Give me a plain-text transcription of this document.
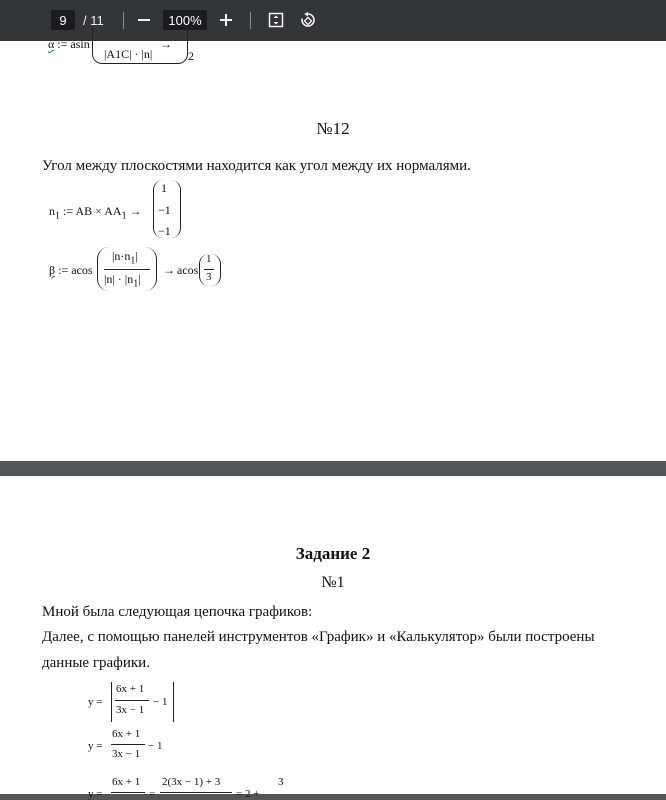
9	/ 11	100%
α := asin
|A1C| · |n|
→
2
№12
Угол между плоскостями находится как угол между их нормалями.
$n_1$ := AB × $AA_1$ →
1
−1
−1
β := acos
$|n\cdot n_1|$
$|n| \cdot |n_1|$
→ acos
1
3
Задание 2
№1
Мной была следующая цепочка графиков:
Далее, с помощью панелей инструментов «График» и «Калькулятор» были построены
данные графики.
y =
6x + 1
3x − 1
− 1
y =
6x + 1
3x − 1
− 1
y =
6x + 1
=
2(3x − 1) + 3
= 2 +
3
